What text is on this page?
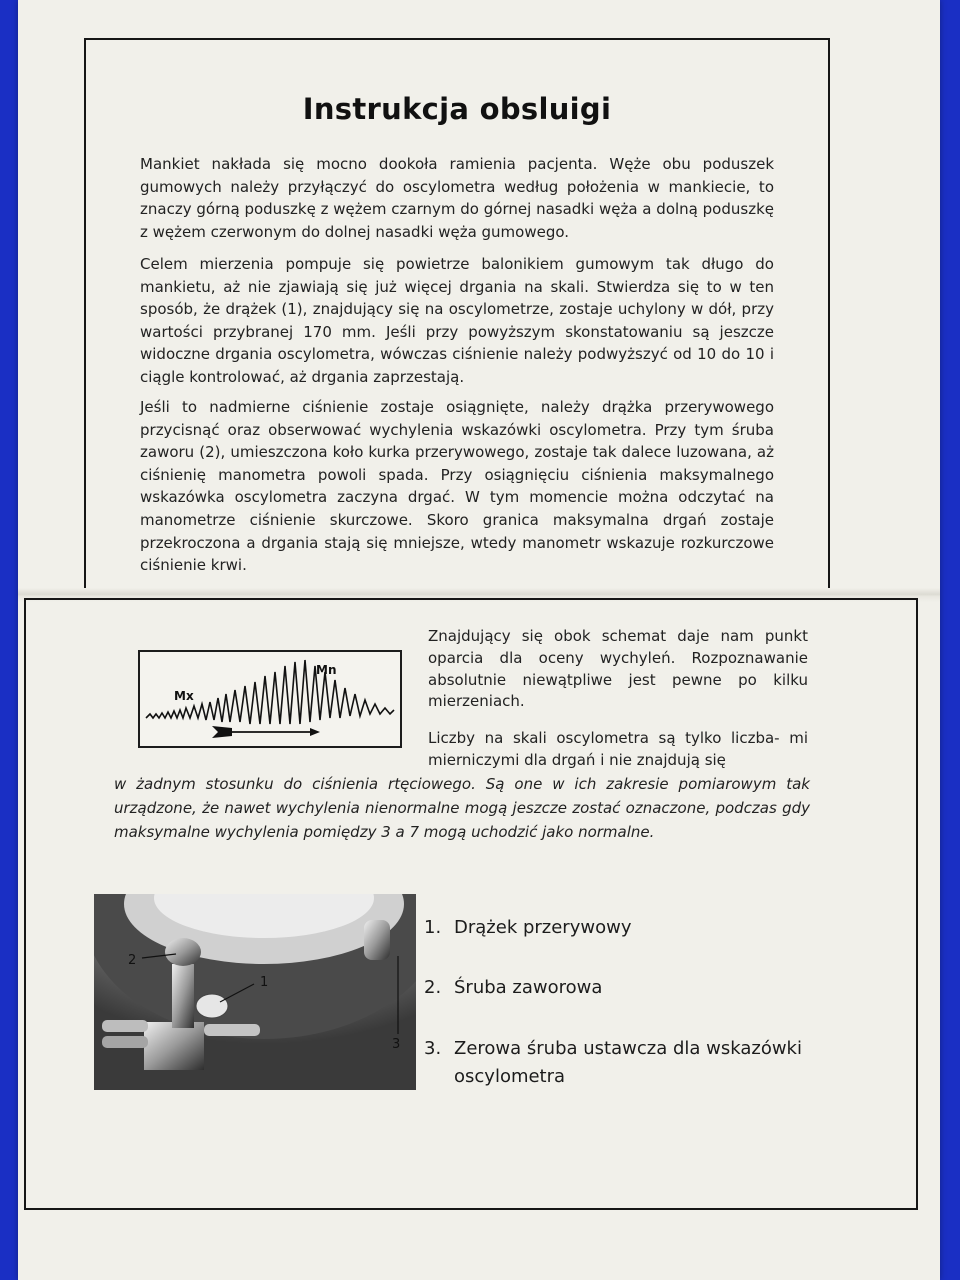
Instrukcja obsluigi

Mankiet nakłada się mocno dookoła ramienia pacjenta. Węże obu poduszek gumowych należy przyłączyć do oscylometra według położenia w mankiecie, to znaczy górną poduszkę z wężem czarnym do górnej nasadki węża a dolną poduszkę z wężem czerwonym do dolnej nasadki węża gumowego.

Celem mierzenia pompuje się powietrze balonikiem gumowym tak długo do mankietu, aż nie zjawiają się już więcej drgania na skali. Stwierdza się to w ten sposób, że drążek (1), znajdujący się na oscylometrze, zostaje uchylony w dół, przy wartości przybranej 170 mm. Jeśli przy powyższym skonstatowaniu są jeszcze widoczne drgania oscylometra, wówczas ciśnienie należy podwyższyć od 10 do 10 i ciągle kontrolować, aż drgania zaprzestają.

Jeśli to nadmierne ciśnienie zostaje osiągnięte, należy drążka przerywowego przycisnąć oraz obserwować wychylenia wskazówki oscylometra. Przy tym śruba zaworu (2), umieszczona koło kurka przerywowego, zostaje tak dalece luzowana, aż ciśnienię manometra powoli spada. Przy osiągnięciu ciśnienia maksymalnego wskazówka oscylometra zaczyna drgać. W tym momencie można odczytać na manometrze ciśnienie skurczowe. Skoro granica maksymalna drgań zostaje przekroczona a drgania stają się mniejsze, wtedy manometr wskazuje rozkurczowe ciśnienie krwi.

Mx
Mn

Znajdujący się obok schemat daje nam punkt oparcia dla oceny wychyleń. Rozpoznawanie absolutnie niewątpliwe jest pewne po kilku mierzeniach.

Liczby na skali oscylometra są tylko liczba- mi mierniczymi dla drgań i nie znajdują się

w żadnym stosunku do ciśnienia rtęciowego. Są one w ich zakresie pomiarowym tak urządzone, że nawet wychylenia nienormalne mogą jeszcze zostać oznaczone, podczas gdy maksymalne wychylenia pomiędzy 3 a 7 mogą uchodzić jako normalne.

1
2
3
1. Drążek przerywowy
2. Śruba zaworowa
3. Zerowa śruba ustawcza dla wskazówki oscylometra
